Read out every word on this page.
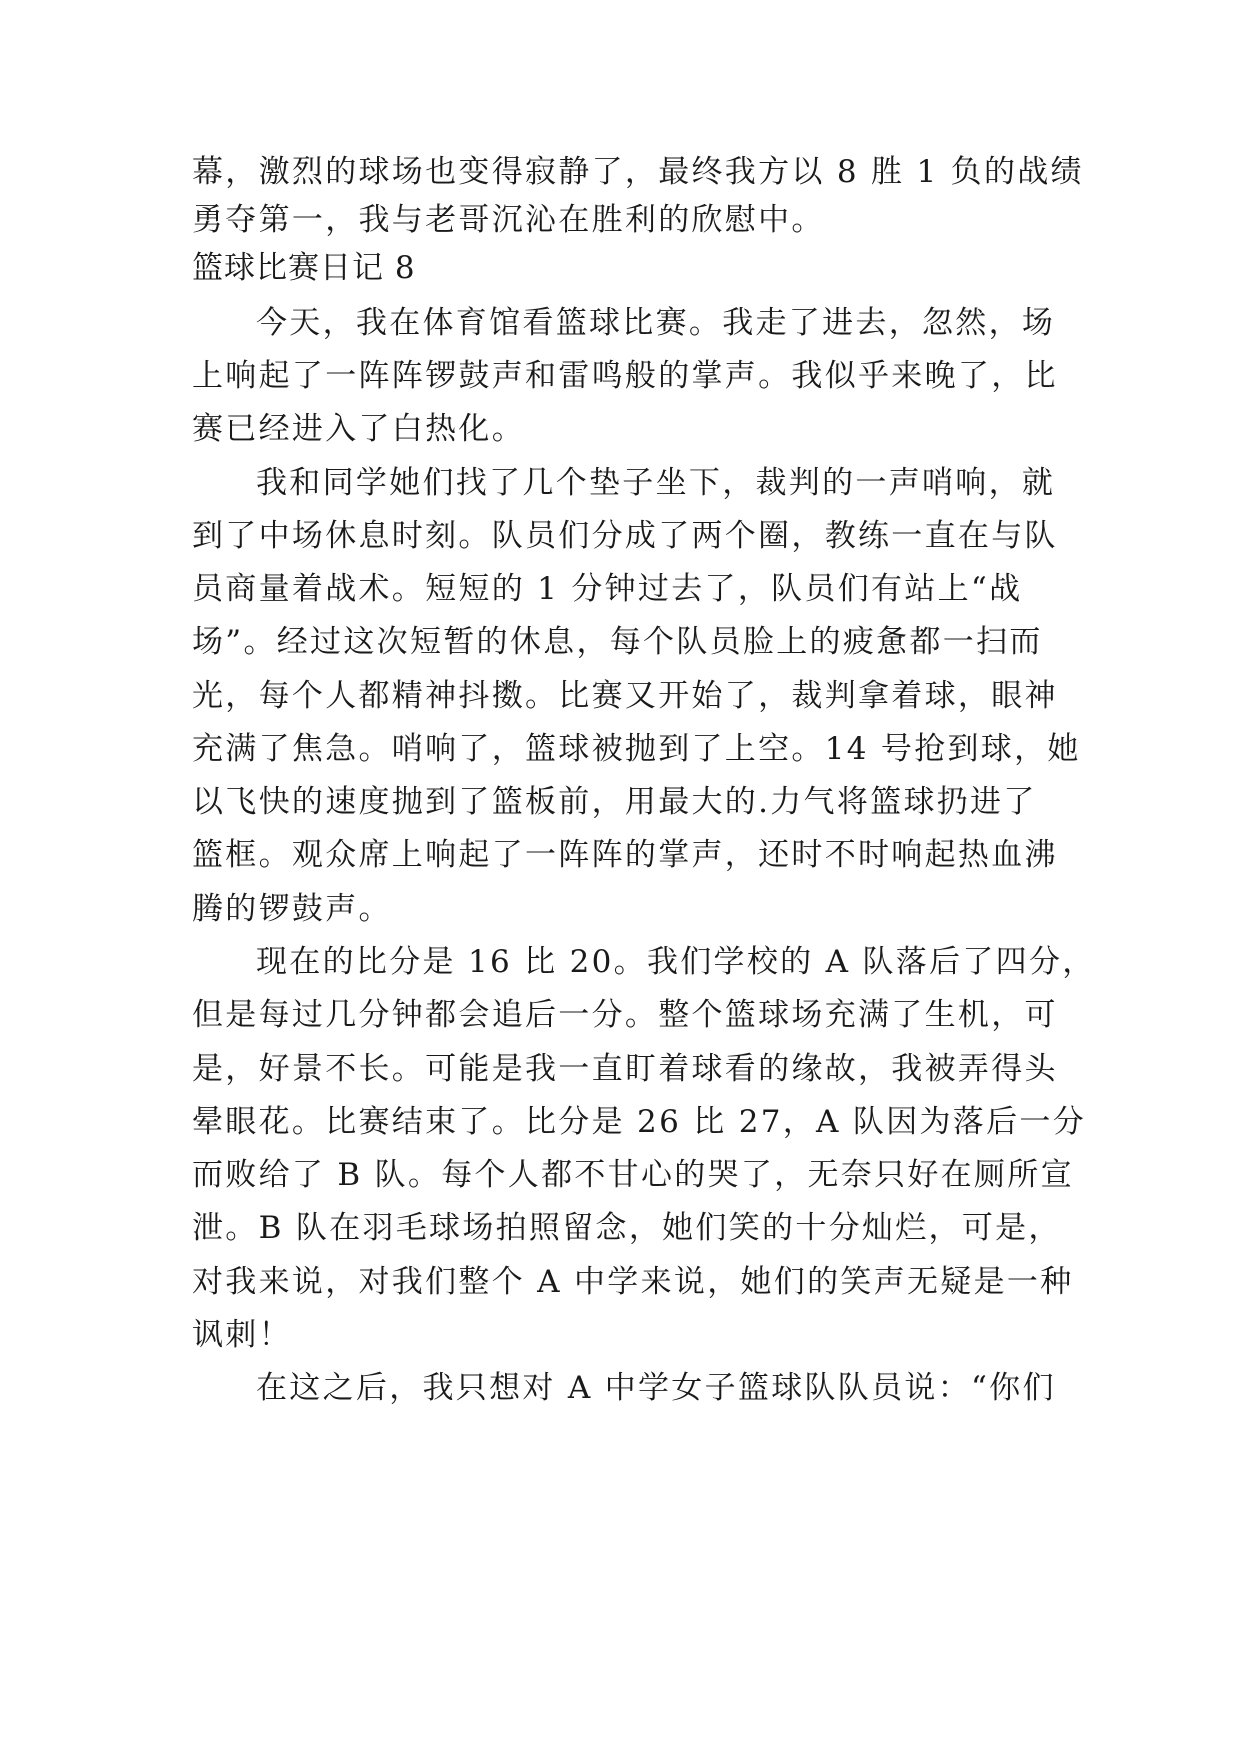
幕，激烈的球场也变得寂静了，最终我方以 8 胜 1 负的战绩
勇夺第一，我与老哥沉沁在胜利的欣慰中。
篮球比赛日记 8
今天，我在体育馆看篮球比赛。我走了进去，忽然，场
上响起了一阵阵锣鼓声和雷鸣般的掌声。我似乎来晚了，比
赛已经进入了白热化。
我和同学她们找了几个垫子坐下，裁判的一声哨响，就
到了中场休息时刻。队员们分成了两个圈，教练一直在与队
员商量着战术。短短的 1 分钟过去了，队员们有站上“战
场”。经过这次短暂的休息，每个队员脸上的疲惫都一扫而
光，每个人都精神抖擞。比赛又开始了，裁判拿着球，眼神
充满了焦急。哨响了，篮球被抛到了上空。14 号抢到球，她
以飞快的速度抛到了篮板前，用最大的.力气将篮球扔进了
篮框。观众席上响起了一阵阵的掌声，还时不时响起热血沸
腾的锣鼓声。
现在的比分是 16 比 20。我们学校的 A 队落后了四分，
但是每过几分钟都会追后一分。整个篮球场充满了生机，可
是，好景不长。可能是我一直盯着球看的缘故，我被弄得头
晕眼花。比赛结束了。比分是 26 比 27，A 队因为落后一分
而败给了 B 队。每个人都不甘心的哭了，无奈只好在厕所宣
泄。B 队在羽毛球场拍照留念，她们笑的十分灿烂，可是，
对我来说，对我们整个 A 中学来说，她们的笑声无疑是一种
讽刺！
在这之后，我只想对 A 中学女子篮球队队员说：“你们
